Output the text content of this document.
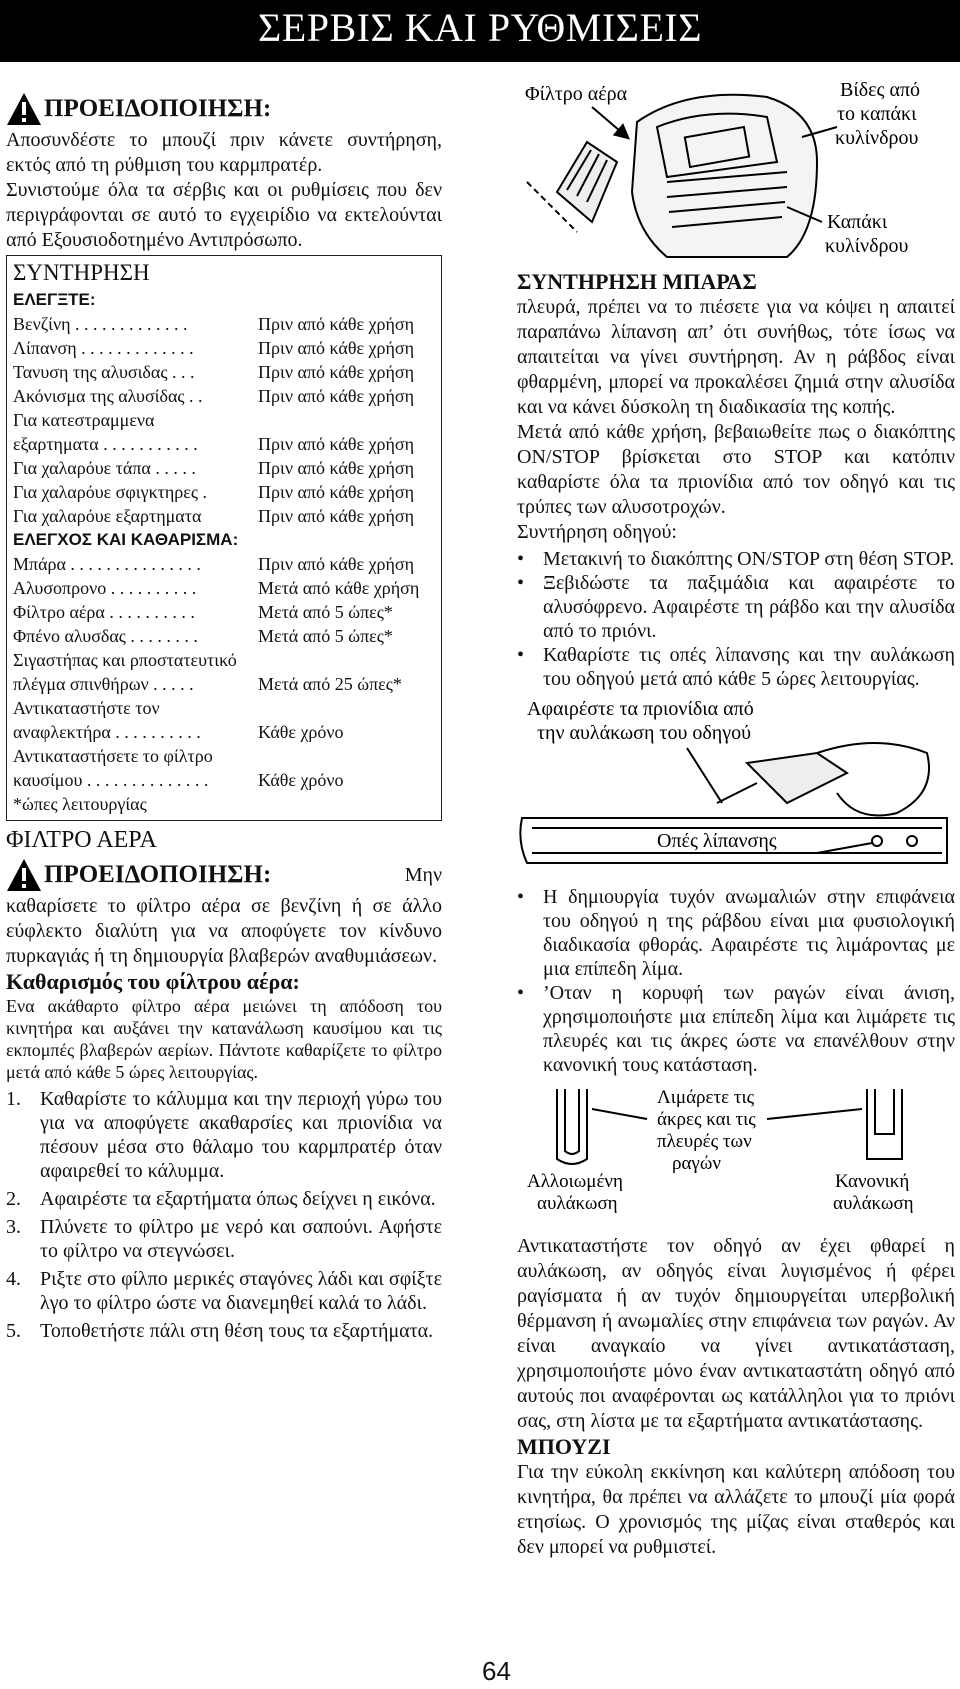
ΣΕΡΒΙΣ ΚΑΙ ΡΥΘΜΙΣΕΙΣ
ΠΡΟΕΙΔΟΠΟΙΗΣΗ:

Αποσυνδέστε το μπουζί πριν κάνετε συντήρηση, εκτός από τη ρύθμιση του καρμπρατέρ.

Συνιστούμε όλα τα σέρβις και οι ρυθμίσεις που δεν περιγράφονται σε αυτό το εγχειρίδιο να εκτελούνται από Εξουσιοδοτημένο Αντιπρόσωπο.

ΣΥΝΤΗΡΗΣΗ
ΕΛΕΓΞΤΕ:
Βενζίνη . . . . . . . . . . . . .	Πριν από κάθε χρήση
Λίπανση . . . . . . . . . . . . .	Πριν από κάθε χρήση
Τανυση της αλυσιδας . . .	Πριν από κάθε χρήση
Ακόνισμα της αλυσίδας . .	Πριν από κάθε χρήση
Για κατεστραμμενα
εξαρτηματα . . . . . . . . . . .	Πριν από κάθε χρήση
Για χαλαρόυε τάπα . . . . .	Πριν από κάθε χρήση
Για χαλαρόυε σφιγκτηρες .	Πριν από κάθε χρήση
Για χαλαρόυε εξαρτηματα	Πριν από κάθε χρήση
ΕΛΕΓΧΟΣ ΚΑΙ ΚΑΘΑΡΙΣΜΑ:
Μπάρα . . . . . . . . . . . . . . .	Πριν από κάθε χρήση
Αλυσοπρονο . . . . . . . . . .	Μετά από κάθε χρήση
Φίλτρο αέρα . . . . . . . . . .	Μετά από 5 ώπες*
Φπένο αλυσδας . . . . . . . .	Μετά από 5 ώπες*
Σιγαστήπας και ρποστατευτικό
πλέγμα σπινθήρων . . . . .	Μετά από 25 ώπες*
Αντικαταστήστε τον
αναφλεκτήρα . . . . . . . . . .	Κάθε χρόνο
Αντικαταστήσετε το φίλτρο
καυσίμου . . . . . . . . . . . . . .	Κάθε χρόνο
*ώπες λειτουργίας
ΦΙΛΤΡΟ ΑΕΡΑ
ΠΡΟΕΙΔΟΠΟΙΗΣΗ:	Μην

καθαρίσετε το φίλτρο αέρα σε βενζίνη ή σε άλλο εύφλεκτο διαλύτη για να αποφύγετε τον κίνδυνο πυρκαγιάς ή τη δημιουργία βλαβερών αναθυμιάσεων.

Καθαρισμός του φίλτρου αέρα:

Ενα ακάθαρτο φίλτρο αέρα μειώνει τη απόδοση του κινητήρα και αυξάνει την κατανάλωση καυσίμου και τις εκπομπές βλαβερών αερίων. Πάντοτε καθαρίζετε το φίλτρο μετά από κάθε 5 ώρες λειτουργίας.

1. Καθαρίστε το κάλυμμα και την περιοχή γύρω του για να αποφύγετε ακαθαρσίες και πριονίδια να πέσουν μέσα στο θάλαμο του καρμπρατέρ όταν αφαιρεθεί το κάλυμμα.
2. Αφαιρέστε τα εξαρτήματα όπως δείχνει η εικόνα.
3. Πλύνετε το φίλτρο με νερό και σαπούνι. Αφήστε το φίλτρο να στεγνώσει.
4. Ριξτε στο φίλπο μερικές σταγόνες λάδι και σφίξτε λγο το φίλτρο ώστε να διανεμηθεί καλά το λάδι.
5. Τοποθετήστε πάλι στη θέση τους τα εξαρτήματα.
Φίλτρο αέρα	Βίδες από
το καπάκι
κυλίνδρου
Καπάκι
κυλίνδρου
ΣΥΝΤΗΡΗΣΗ ΜΠΑΡΑΣ

πλευρά, πρέπει να το πιέσετε για να κόψει η απαιτεί παραπάνω λίπανση απ’ ότι συνήθως, τότε ίσως να απαιτείται να γίνει συντήρηση. Αν η ράβδος είναι φθαρμένη, μπορεί να προκαλέσει ζημιά στην αλυσίδα και να κάνει δύσκολη τη διαδικασία της κοπής.

Μετά από κάθε χρήση, βεβαιωθείτε πως ο διακόπτης ON/STOP βρίσκεται στο STOP και κατόπιν καθαρίστε όλα τα πριονίδια από τον οδηγό και τις τρύπες των αλυσοτροχών.

Συντήρηση οδηγού:

• Μετακινή το διακόπτης ON/STOP στη θέση STOP.
• Ξεβιδώστε τα παξιμάδια και αφαιρέστε το αλυσόφρενο. Αφαιρέστε τη ράβδο και την αλυσίδα από το πριόνι.
• Καθαρίστε τις οπές λίπανσης και την αυλάκωση του οδηγού μετά από κάθε 5 ώρες λειτουργίας.
Αφαιρέστε τα πριονίδια από
την αυλάκωση του οδηγού
Οπές λίπανσης
• Η δημιουργία τυχόν ανωμαλιών στην επιφάνεια του οδηγού η της ράβδου είναι μια φυσιολογική διαδικασία φθοράς. Αφαιρέστε τις λιμάροντας με μια επίπεδη λίμα.
• ’Οταν η κορυφή των ραγών είναι άνιση, χρησιμοποιήστε μια επίπεδη λίμα και λιμάρετε τις πλευρές και τις άκρες ώστε να επανέλθουν στην κανονική τους κατάσταση.
Λιμάρετε τις
άκρες και τις
πλευρές των
ραγών
Αλλοιωμένη
αυλάκωση
Κανονική
αυλάκωση

Αντικαταστήστε τον οδηγό αν έχει φθαρεί η αυλάκωση, αν οδηγός είναι λυγισμένος ή φέρει ραγίσματα ή αν τυχόν δημιουργείται υπερβολική θέρμανση ή ανωμαλίες στην επιφάνεια των ραγών. Αν είναι αναγκαίο να γίνει αντικατάσταση, χρησιμοποιήστε μόνο έναν αντικαταστάτη οδηγό από αυτούς ποι αναφέρονται ως κατάλληλοι για το πριόνι σας, στη λίστα με τα εξαρτήματα αντικατάστασης.

ΜΠΟΥΖΙ

Για την εύκολη εκκίνηση και καλύτερη απόδοση του κινητήρα, θα πρέπει να αλλάζετε το μπουζί μία φορά ετησίως. Ο χρονισμός της μίζας είναι σταθερός και δεν μπορεί να ρυθμιστεί.

64
